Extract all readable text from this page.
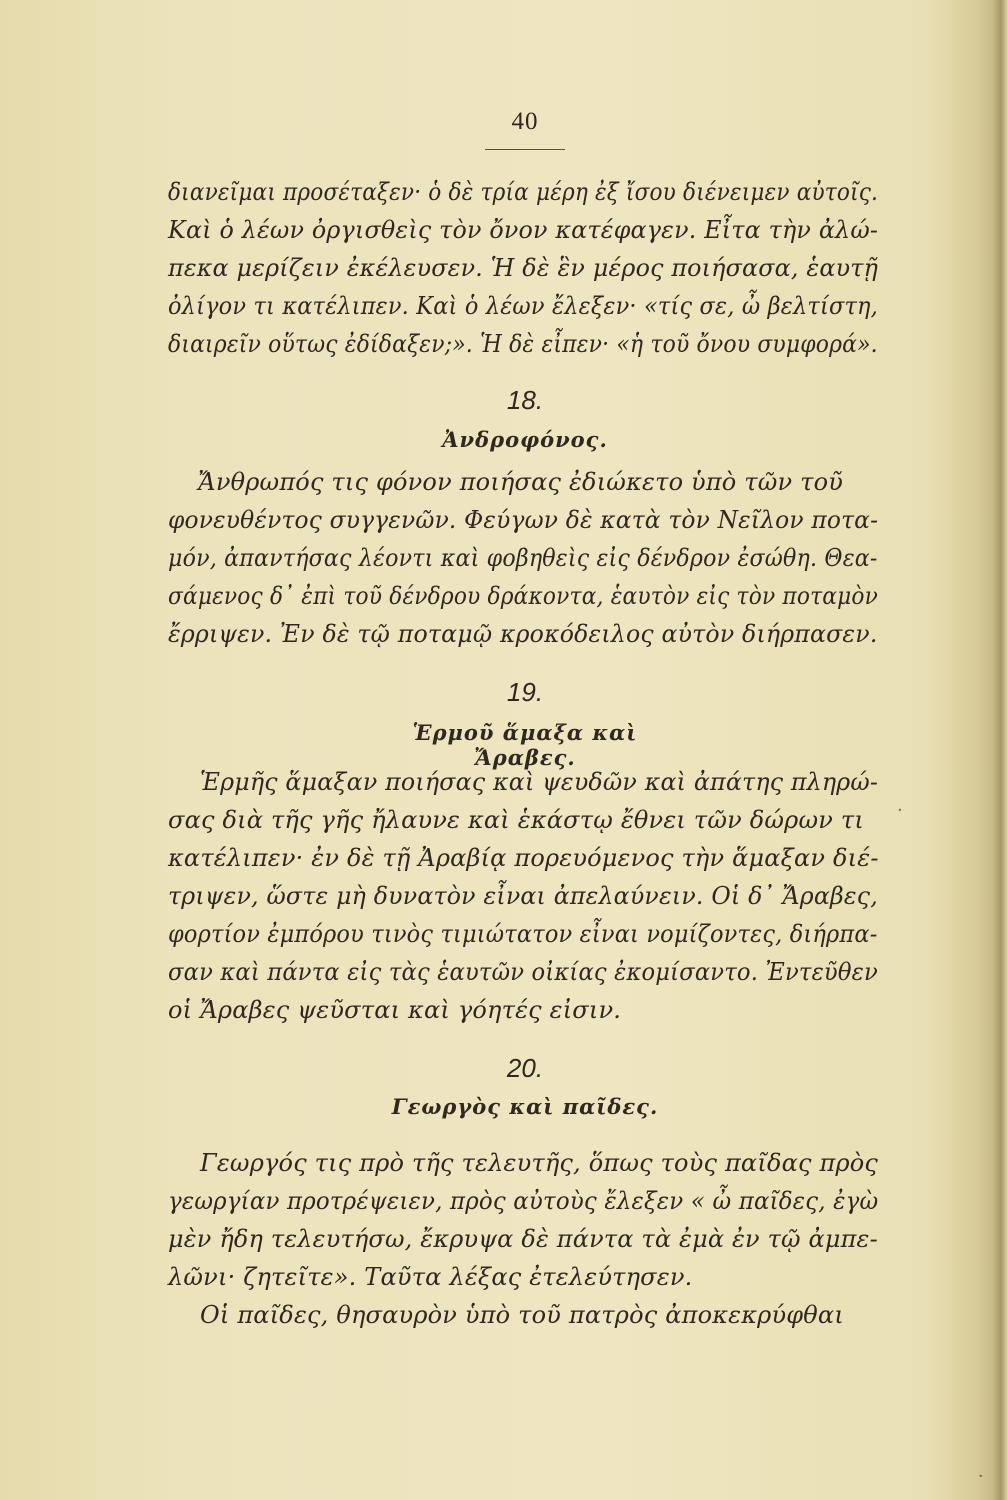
40
διανεῖμαι προσέταξεν· ὁ δὲ τρία μέρη ἐξ ἴσου διένειμεν αὐτοῖς.
Καὶ ὁ λέων ὀργισθεὶς τὸν ὄνον κατέφαγεν. Εἶτα τὴν ἀλώ-
πεκα μερίζειν ἐκέλευσεν. Ἡ δὲ ἓν μέρος ποιήσασα, ἑαυτῇ
ὀλίγον τι κατέλιπεν. Καὶ ὁ λέων ἔλεξεν· «τίς σε, ὦ βελτίστη,
διαιρεῖν οὕτως ἐδίδαξεν;». Ἡ δὲ εἶπεν· «ἡ τοῦ ὄνου συμφορά».
18.
Ἀνδροφόνος.
Ἄνθρωπός τις φόνον ποιήσας ἐδιώκετο ὑπὸ τῶν τοῦ
φονευθέντος συγγενῶν. Φεύγων δὲ κατὰ τὸν Νεῖλον ποτα-
μόν, ἀπαντήσας λέοντι καὶ φοβηθεὶς εἰς δένδρον ἐσώθη. Θεα-
σάμενος δ᾿ ἐπὶ τοῦ δένδρου δράκοντα, ἑαυτὸν εἰς τὸν ποταμὸν
ἔρριψεν. Ἐν δὲ τῷ ποταμῷ κροκόδειλος αὐτὸν διήρπασεν.
19.
Ἑρμοῦ ἅμαξα καὶ Ἄραβες.
Ἑρμῆς ἅμαξαν ποιήσας καὶ ψευδῶν καὶ ἀπάτης πληρώ-
σας διὰ τῆς γῆς ἤλαυνε καὶ ἑκάστῳ ἔθνει τῶν δώρων τι
κατέλιπεν· ἐν δὲ τῇ Ἀραβίᾳ πορευόμενος τὴν ἅμαξαν διέ-
τριψεν, ὥστε μὴ δυνατὸν εἶναι ἀπελαύνειν. Οἱ δ᾿ Ἄραβες,
φορτίον ἐμπόρου τινὸς τιμιώτατον εἶναι νομίζοντες, διήρπα-
σαν καὶ πάντα εἰς τὰς ἑαυτῶν οἰκίας ἐκομίσαντο. Ἐντεῦθεν
οἱ Ἄραβες ψεῦσται καὶ γόητές εἰσιν.
20.
Γεωργὸς καὶ παῖδες.
Γεωργός τις πρὸ τῆς τελευτῆς, ὅπως τοὺς παῖδας πρὸς
γεωργίαν προτρέψειεν, πρὸς αὐτοὺς ἔλεξεν « ὦ παῖδες, ἐγὼ
μὲν ἤδη τελευτήσω, ἔκρυψα δὲ πάντα τὰ ἐμὰ ἐν τῷ ἀμπε-
λῶνι· ζητεῖτε». Ταῦτα λέξας ἐτελεύτησεν.
Οἱ παῖδες, θησαυρὸν ὑπὸ τοῦ πατρὸς ἀποκεκρύφθαι
·
·
